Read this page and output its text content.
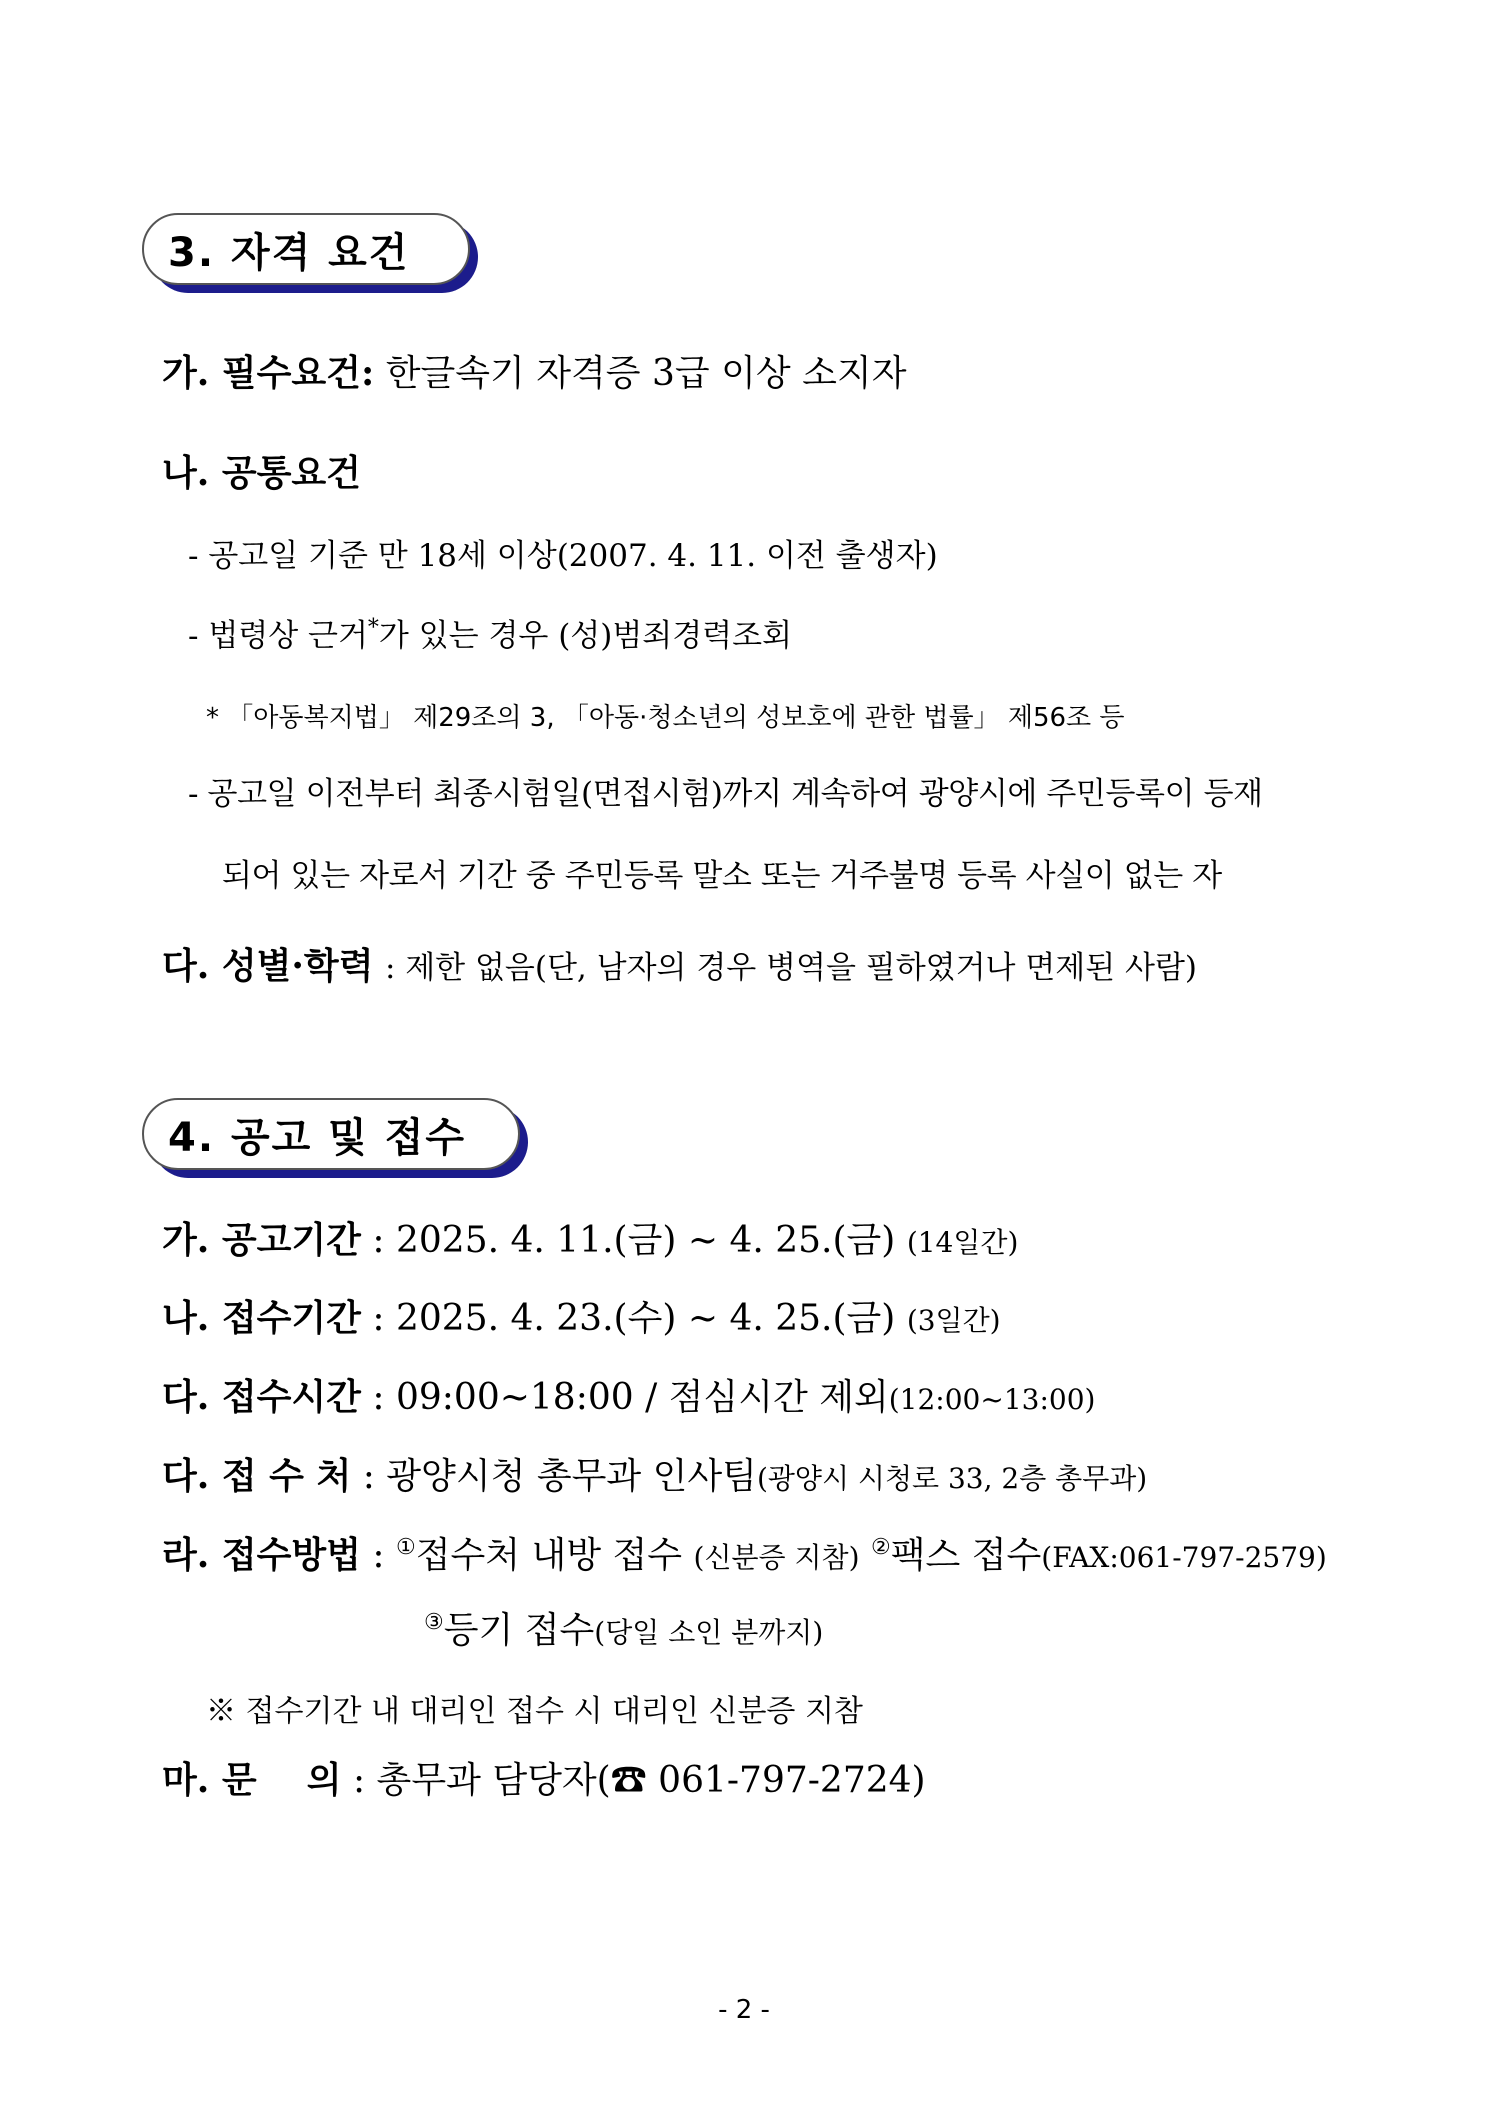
3. 자격 요건
가. 필수요건: 한글속기 자격증 3급 이상 소지자
나. 공통요건
- 공고일 기준 만 18세 이상(2007. 4. 11. 이전 출생자)
- 법령상 근거*가 있는 경우 (성)범죄경력조회
* 「아동복지법」 제29조의 3, 「아동·청소년의 성보호에 관한 법률」 제56조 등
- 공고일 이전부터 최종시험일(면접시험)까지 계속하여 광양시에 주민등록이 등재
되어 있는 자로서 기간 중 주민등록 말소 또는 거주불명 등록 사실이 없는 자
다. 성별·학력 : 제한 없음(단, 남자의 경우 병역을 필하였거나 면제된 사람)
4. 공고 및 접수
가. 공고기간 : 2025. 4. 11.(금) ~ 4. 25.(금) (14일간)
나. 접수기간 : 2025. 4. 23.(수) ~ 4. 25.(금) (3일간)
다. 접수시간 : 09:00~18:00 / 점심시간 제외(12:00~13:00)
다. 접 수 처 : 광양시청 총무과 인사팀(광양시 시청로 33, 2층 총무과)
라. 접수방법 : ①접수처 내방 접수 (신분증 지참) ②팩스 접수(FAX:061-797-2579)
③등기 접수(당일 소인 분까지)
※ 접수기간 내 대리인 접수 시 대리인 신분증 지참
마. 문    의 : 총무과 담당자(☎ 061-797-2724)
- 2 -
